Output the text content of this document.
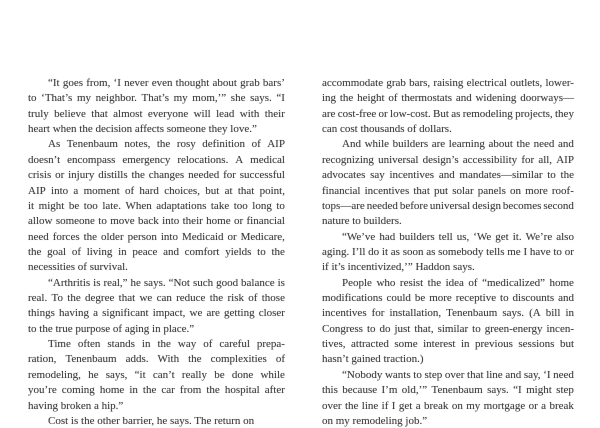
“It goes from, ‘I never even thought about grab bars’
to ‘That’s my neighbor. That’s my mom,’” she says. “I
truly believe that almost everyone will lead with their
heart when the decision affects someone they love.”
As Tenenbaum notes, the rosy definition of AIP
doesn’t encompass emergency relocations. A medical
crisis or injury distills the changes needed for successful
AIP into a moment of hard choices, but at that point,
it might be too late. When adaptations take too long to
allow someone to move back into their home or financial
need forces the older person into Medicaid or Medicare,
the goal of living in peace and comfort yields to the
necessities of survival.
“Arthritis is real,” he says. “Not such good balance is
real. To the degree that we can reduce the risk of those
things having a significant impact, we are getting closer
to the true purpose of aging in place.”
Time often stands in the way of careful prepa-
ration, Tenenbaum adds. With the complexities of
remodeling, he says, “it can’t really be done while
you’re coming home in the car from the hospital after
having broken a hip.”
Cost is the other barrier, he says. The return on
accommodate grab bars, raising electrical outlets, lower-
ing the height of thermostats and widening doorways—
are cost-free or low-cost. But as remodeling projects, they
can cost thousands of dollars.
And while builders are learning about the need and
recognizing universal design’s accessibility for all, AIP
advocates say incentives and mandates—similar to the
financial incentives that put solar panels on more roof-
tops—are needed before universal design becomes second
nature to builders.
“We’ve had builders tell us, ‘We get it. We’re also
aging. I’ll do it as soon as somebody tells me I have to or
if it’s incentivized,’” Haddon says.
People who resist the idea of “medicalized” home
modifications could be more receptive to discounts and
incentives for installation, Tenenbaum says. (A bill in
Congress to do just that, similar to green-energy incen-
tives, attracted some interest in previous sessions but
hasn’t gained traction.)
“Nobody wants to step over that line and say, ‘I need
this because I’m old,’” Tenenbaum says. “I might step
over the line if I get a break on my mortgage or a break
on my remodeling job.”
